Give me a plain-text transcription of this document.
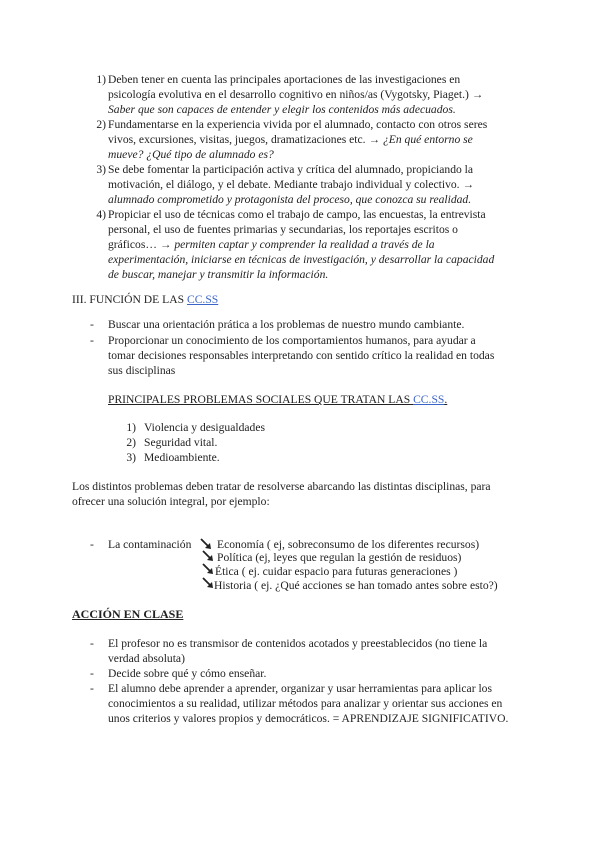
1) Deben tener en cuenta las principales aportaciones de las investigaciones en
psicología evolutiva en el desarrollo cognitivo en niños/as (Vygotsky, Piaget.) →
Saber que son capaces de entender y elegir los contenidos más adecuados.
2) Fundamentarse en la experiencia vivida por el alumnado, contacto con otros seres
vivos, excursiones, visitas, juegos, dramatizaciones etc. → ¿En qué entorno se
mueve? ¿Qué tipo de alumnado es?
3) Se debe fomentar la participación activa y crítica del alumnado, propiciando la
motivación, el diálogo, y el debate. Mediante trabajo individual y colectivo. →
alumnado comprometido y protagonista del proceso, que conozca su realidad.
4) Propiciar el uso de técnicas como el trabajo de campo, las encuestas, la entrevista
personal, el uso de fuentes primarias y secundarias, los reportajes escritos o
gráficos… → permiten captar y comprender la realidad a través de la
experimentación, iniciarse en técnicas de investigación, y desarrollar la capacidad
de buscar, manejar y transmitir la información.
III. FUNCIÓN DE LAS CC.SS
- Buscar una orientación prática a los problemas de nuestro mundo cambiante.
- Proporcionar un conocimiento de los comportamientos humanos, para ayudar a
tomar decisiones responsables interpretando con sentido crítico la realidad en todas
sus disciplinas
PRINCIPALES PROBLEMAS SOCIALES QUE TRATAN LAS CC.SS.
1) Violencia y desigualdades
2) Seguridad vital.
3) Medioambiente.
Los distintos problemas deben tratar de resolverse abarcando las distintas disciplinas, para
ofrecer una solución integral, por ejemplo:
- La contaminación Economía ( ej, sobreconsumo de los diferentes recursos)
Política (ej, leyes que regulan la gestión de residuos)
Ética ( ej. cuidar espacio para futuras generaciones )
Historia ( ej. ¿Qué acciones se han tomado antes sobre esto?)
ACCIÓN EN CLASE
- El profesor no es transmisor de contenidos acotados y preestablecidos (no tiene la
verdad absoluta)
- Decide sobre qué y cómo enseñar.
- El alumno debe aprender a aprender, organizar y usar herramientas para aplicar los
conocimientos a su realidad, utilizar métodos para analizar y orientar sus acciones en
unos criterios y valores propios y democráticos. = APRENDIZAJE SIGNIFICATIVO.
